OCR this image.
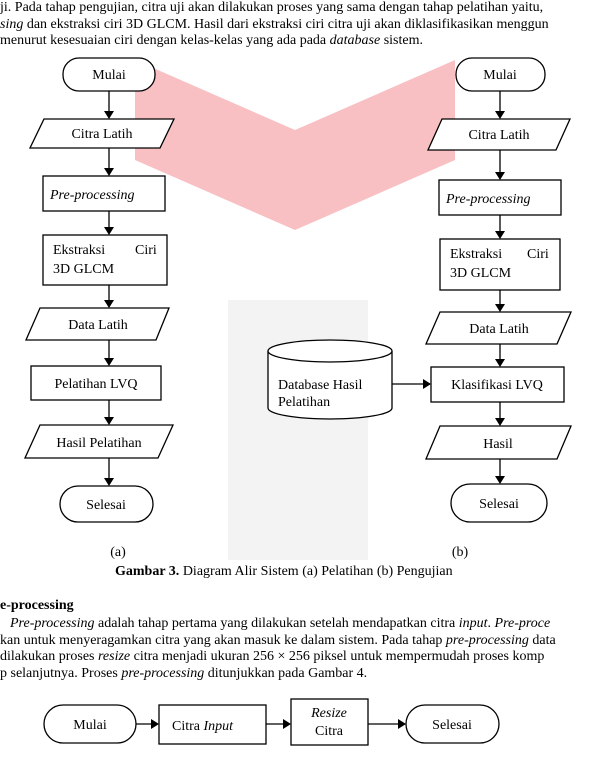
ji. Pada tahap pengujian, citra uji akan dilakukan proses yang sama dengan tahap pelatihan yaitu,
sing dan ekstraksi ciri 3D GLCM. Hasil dari ekstraksi ciri citra uji akan diklasifikasikan menggun
menurut kesesuaian ciri dengan kelas-kelas yang ada pada database sistem.
Mulai
Citra Latih
Pre-processing
Ekstraksi Ciri
3D GLCM
Data Latih
Pelatihan LVQ
Hasil Pelatihan
Selesai
(a)
Mulai
Citra Latih
Pre-processing
Ekstraksi Ciri
3D GLCM
Data Latih
Klasifikasi LVQ
Hasil
Selesai
Database Hasil
Pelatihan
(b)
Gambar 3. Diagram Alir Sistem (a) Pelatihan (b) Pengujian
e-processing
Pre-processing adalah tahap pertama yang dilakukan setelah mendapatkan citra input. Pre-proce
kan untuk menyeragamkan citra yang akan masuk ke dalam sistem. Pada tahap pre-processing data
dilakukan proses resize citra menjadi ukuran 256 × 256 piksel untuk mempermudah proses komp
p selanjutnya. Proses pre-processing ditunjukkan pada Gambar 4.
Mulai	Citra Input
Resize
Citra	Selesai
